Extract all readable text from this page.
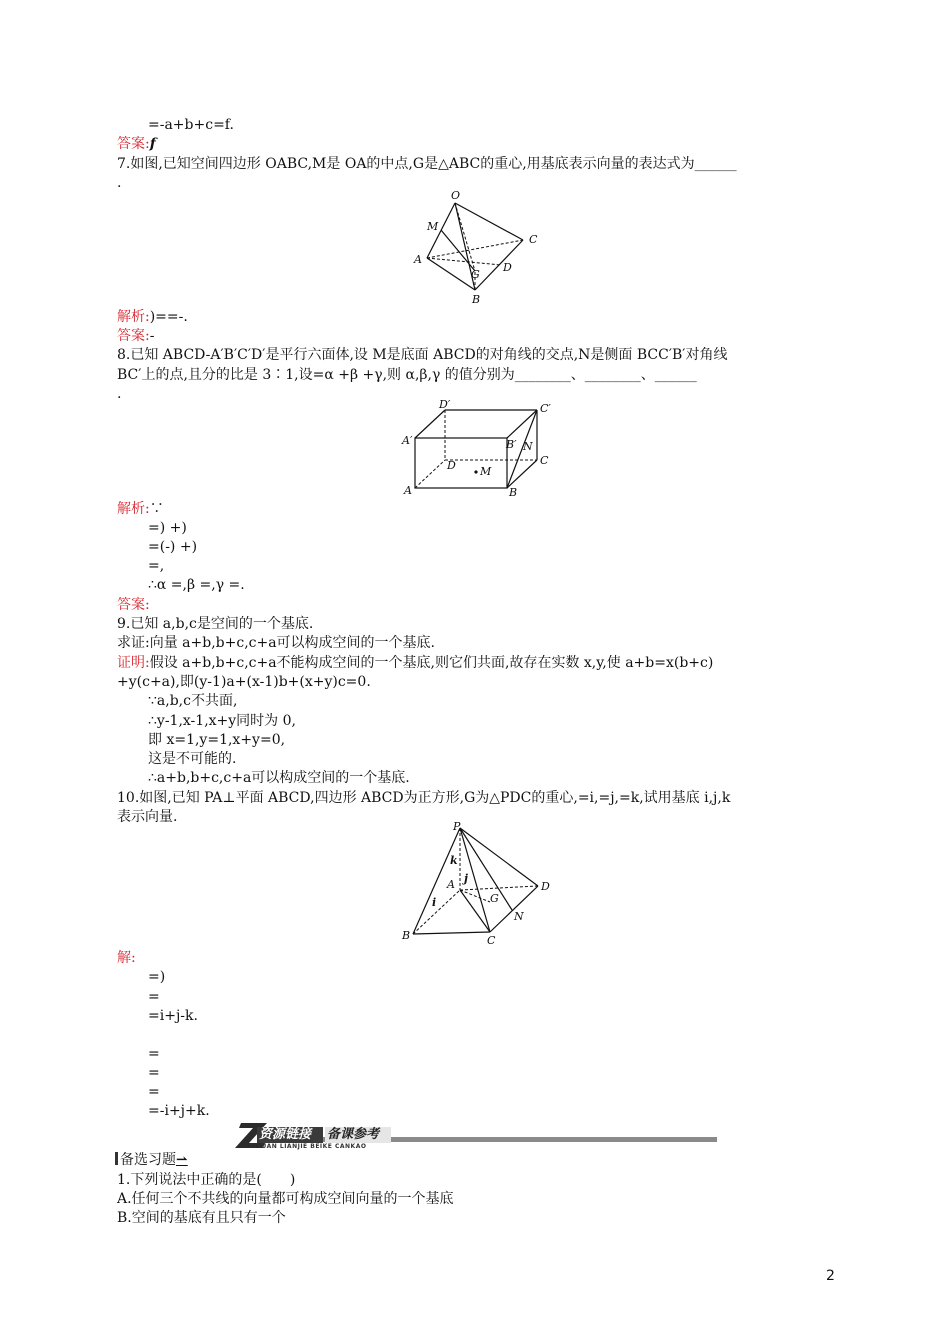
=-a+b+c=f.
答案:f
7.如图,已知空间四边形 OABC,M是 OA的中点,G是△ABC的重心,用基底表示向量的表达式为______
.
O
M
A
G
C
D
B
解析:)==-.
答案:-
8.已知 ABCD-A′B′C′D′是平行六面体,设 M是底面 ABCD的对角线的交点,N是侧面 BCC′B′对角线
BC′上的点,且分的比是 3∶1,设=α +β +γ,则 α,β,γ 的值分别为________、________、______
.
D′	C′
A′	B′ N
D M
C
A	B
解析:∵
=) +)
=(-) +)
=,
∴α =,β =,γ =.
答案:
9.已知 a,b,c是空间的一个基底.
求证:向量 a+b,b+c,c+a可以构成空间的一个基底.
证明:假设 a+b,b+c,c+a不能构成空间的一个基底,则它们共面,故存在实数 x,y,使 a+b=x(b+c)
+y(c+a),即(y-1)a+(x-1)b+(x+y)c=0.
∵a,b,c不共面,
∴y-1,x-1,x+y同时为 0,
即 x=1,y=1,x+y=0,
这是不可能的.
∴a+b,b+c,c+a可以构成空间的一个基底.
10.如图,已知 PA⊥平面 ABCD,四边形 ABCD为正方形,G为△PDC的重心,=i,=j,=k,试用基底 i,j,k
表示向量.
P
k
A j
D
G
i
N
B	C
解:
=)
=
=i+j-k.
=
=
=
=-i+j+k.
资源链接 备课参考
ZIYUAN LIANJIE BEIKE CANKAO
备选习题⇀
1.下列说法中正确的是(　　)
A.任何三个不共线的向量都可构成空间向量的一个基底
B.空间的基底有且只有一个
2
